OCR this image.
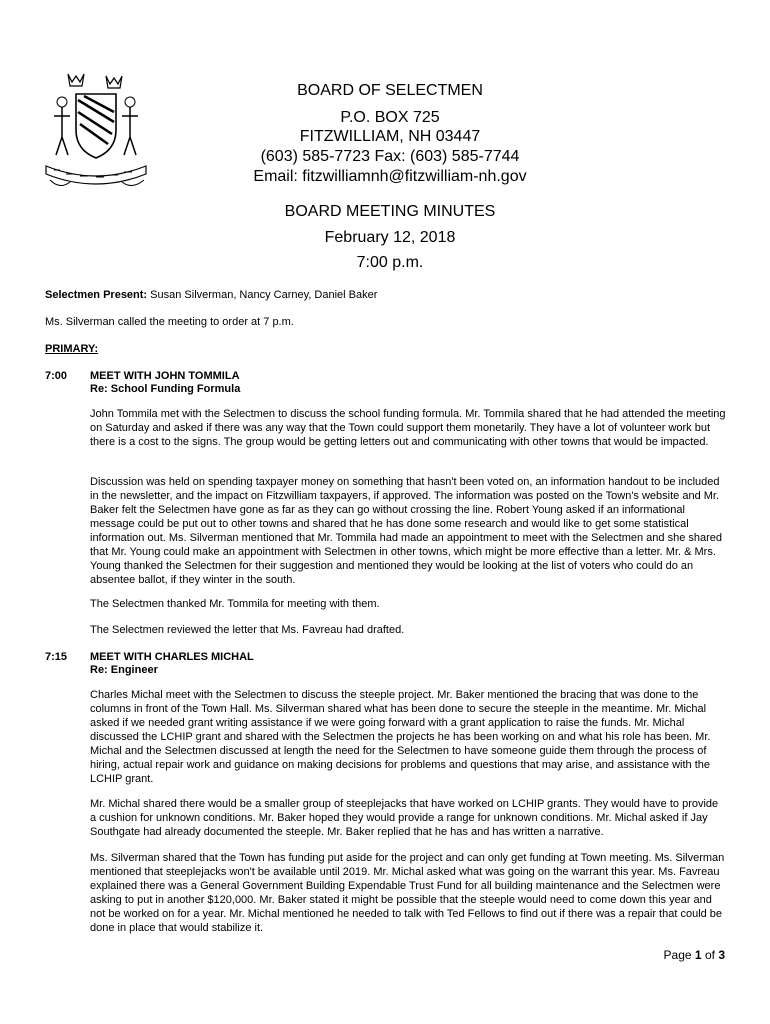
BOARD OF SELECTMEN
P.O. BOX 725
FITZWILLIAM, NH 03447
(603) 585-7723 Fax: (603) 585-7744
Email: fitzwilliamnh@fitzwilliam-nh.gov
BOARD MEETING MINUTES
February 12, 2018
7:00 p.m.
Selectmen Present: Susan Silverman, Nancy Carney, Daniel Baker
Ms. Silverman called the meeting to order at 7 p.m.
PRIMARY:
7:00 MEET WITH JOHN TOMMILA
Re: School Funding Formula

John Tommila met with the Selectmen to discuss the school funding formula. Mr. Tommila shared that he had attended the meeting on Saturday and asked if there was any way that the Town could support them monetarily. They have a lot of volunteer work but there is a cost to the signs. The group would be getting letters out and communicating with other towns that would be impacted.

Discussion was held on spending taxpayer money on something that hasn't been voted on, an information handout to be included in the newsletter, and the impact on Fitzwilliam taxpayers, if approved. The information was posted on the Town's website and Mr. Baker felt the Selectmen have gone as far as they can go without crossing the line. Robert Young asked if an informational message could be put out to other towns and shared that he has done some research and would like to get some statistical information out. Ms. Silverman mentioned that Mr. Tommila had made an appointment to meet with the Selectmen and she shared that Mr. Young could make an appointment with Selectmen in other towns, which might be more effective than a letter. Mr. & Mrs. Young thanked the Selectmen for their suggestion and mentioned they would be looking at the list of voters who could do an absentee ballot, if they winter in the south.

The Selectmen thanked Mr. Tommila for meeting with them.

The Selectmen reviewed the letter that Ms. Favreau had drafted.

7:15 MEET WITH CHARLES MICHAL
Re: Engineer

Charles Michal meet with the Selectmen to discuss the steeple project. Mr. Baker mentioned the bracing that was done to the columns in front of the Town Hall. Ms. Silverman shared what has been done to secure the steeple in the meantime. Mr. Michal asked if we needed grant writing assistance if we were going forward with a grant application to raise the funds. Mr. Michal discussed the LCHIP grant and shared with the Selectmen the projects he has been working on and what his role has been. Mr. Michal and the Selectmen discussed at length the need for the Selectmen to have someone guide them through the process of hiring, actual repair work and guidance on making decisions for problems and questions that may arise, and assistance with the LCHIP grant.

Mr. Michal shared there would be a smaller group of steeplejacks that have worked on LCHIP grants. They would have to provide a cushion for unknown conditions. Mr. Baker hoped they would provide a range for unknown conditions. Mr. Michal asked if Jay Southgate had already documented the steeple. Mr. Baker replied that he has and has written a narrative.

Ms. Silverman shared that the Town has funding put aside for the project and can only get funding at Town meeting. Ms. Silverman mentioned that steeplejacks won't be available until 2019. Mr. Michal asked what was going on the warrant this year. Ms. Favreau explained there was a General Government Building Expendable Trust Fund for all building maintenance and the Selectmen were asking to put in another $120,000. Mr. Baker stated it might be possible that the steeple would need to come down this year and not be worked on for a year. Mr. Michal mentioned he needed to talk with Ted Fellows to find out if there was a repair that could be done in place that would stabilize it.

Page 1 of 3
